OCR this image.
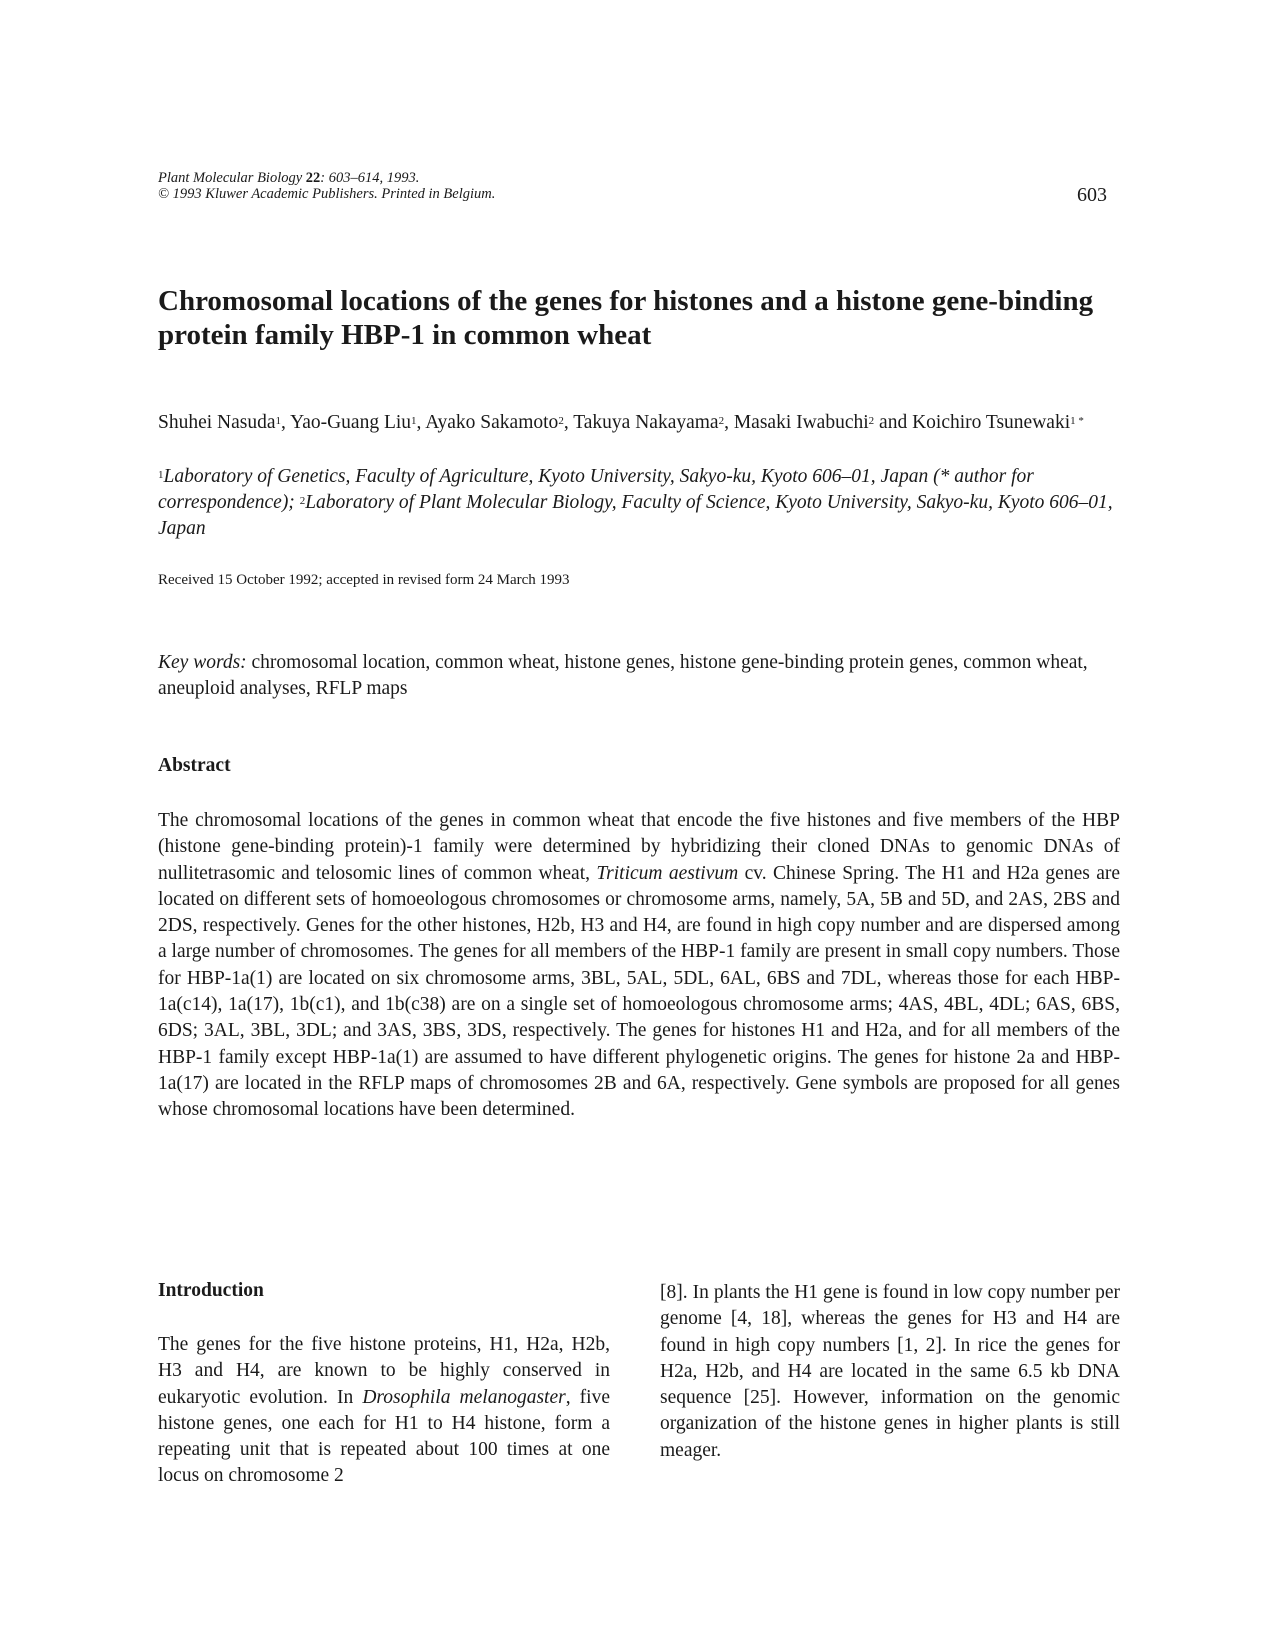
Plant Molecular Biology 22: 603–614, 1993.
© 1993 Kluwer Academic Publishers. Printed in Belgium.	603
Chromosomal locations of the genes for histones and a histone gene-binding protein family HBP-1 in common wheat
Shuhei Nasuda$^1$, Yao-Guang Liu$^1$, Ayako Sakamoto$^2$, Takuya Nakayama$^2$, Masaki Iwabuchi$^2$ and Koichiro Tsunewaki$^{1 *}$
$^1$Laboratory of Genetics, Faculty of Agriculture, Kyoto University, Sakyo-ku, Kyoto 606–01, Japan (* author for correspondence); $^2$Laboratory of Plant Molecular Biology, Faculty of Science, Kyoto University, Sakyo-ku, Kyoto 606–01, Japan
Received 15 October 1992; accepted in revised form 24 March 1993
Key words: chromosomal location, common wheat, histone genes, histone gene-binding protein genes, common wheat, aneuploid analyses, RFLP maps
Abstract

The chromosomal locations of the genes in common wheat that encode the five histones and five members of the HBP (histone gene-binding protein)-1 family were determined by hybridizing their cloned DNAs to genomic DNAs of nullitetrasomic and telosomic lines of common wheat, Triticum aestivum cv. Chinese Spring. The H1 and H2a genes are located on different sets of homoeologous chromosomes or chromosome arms, namely, 5A, 5B and 5D, and 2AS, 2BS and 2DS, respectively. Genes for the other histones, H2b, H3 and H4, are found in high copy number and are dispersed among a large number of chromosomes. The genes for all members of the HBP-1 family are present in small copy numbers. Those for HBP-1a(1) are located on six chromosome arms, 3BL, 5AL, 5DL, 6AL, 6BS and 7DL, whereas those for each HBP-1a(c14), 1a(17), 1b(c1), and 1b(c38) are on a single set of homoeologous chromosome arms; 4AS, 4BL, 4DL; 6AS, 6BS, 6DS; 3AL, 3BL, 3DL; and 3AS, 3BS, 3DS, respectively. The genes for histones H1 and H2a, and for all members of the HBP-1 family except HBP-1a(1) are assumed to have different phylogenetic origins. The genes for histone 2a and HBP-1a(17) are located in the RFLP maps of chromosomes 2B and 6A, respectively. Gene symbols are proposed for all genes whose chromosomal locations have been determined.

Introduction

The genes for the five histone proteins, H1, H2a, H2b, H3 and H4, are known to be highly conserved in eukaryotic evolution. In Drosophila melanogaster, five histone genes, one each for H1 to H4 histone, form a repeating unit that is repeated about 100 times at one locus on chromosome 2

[8]. In plants the H1 gene is found in low copy number per genome [4, 18], whereas the genes for H3 and H4 are found in high copy numbers [1, 2]. In rice the genes for H2a, H2b, and H4 are located in the same 6.5 kb DNA sequence [25]. However, information on the genomic organization of the histone genes in higher plants is still meager.
